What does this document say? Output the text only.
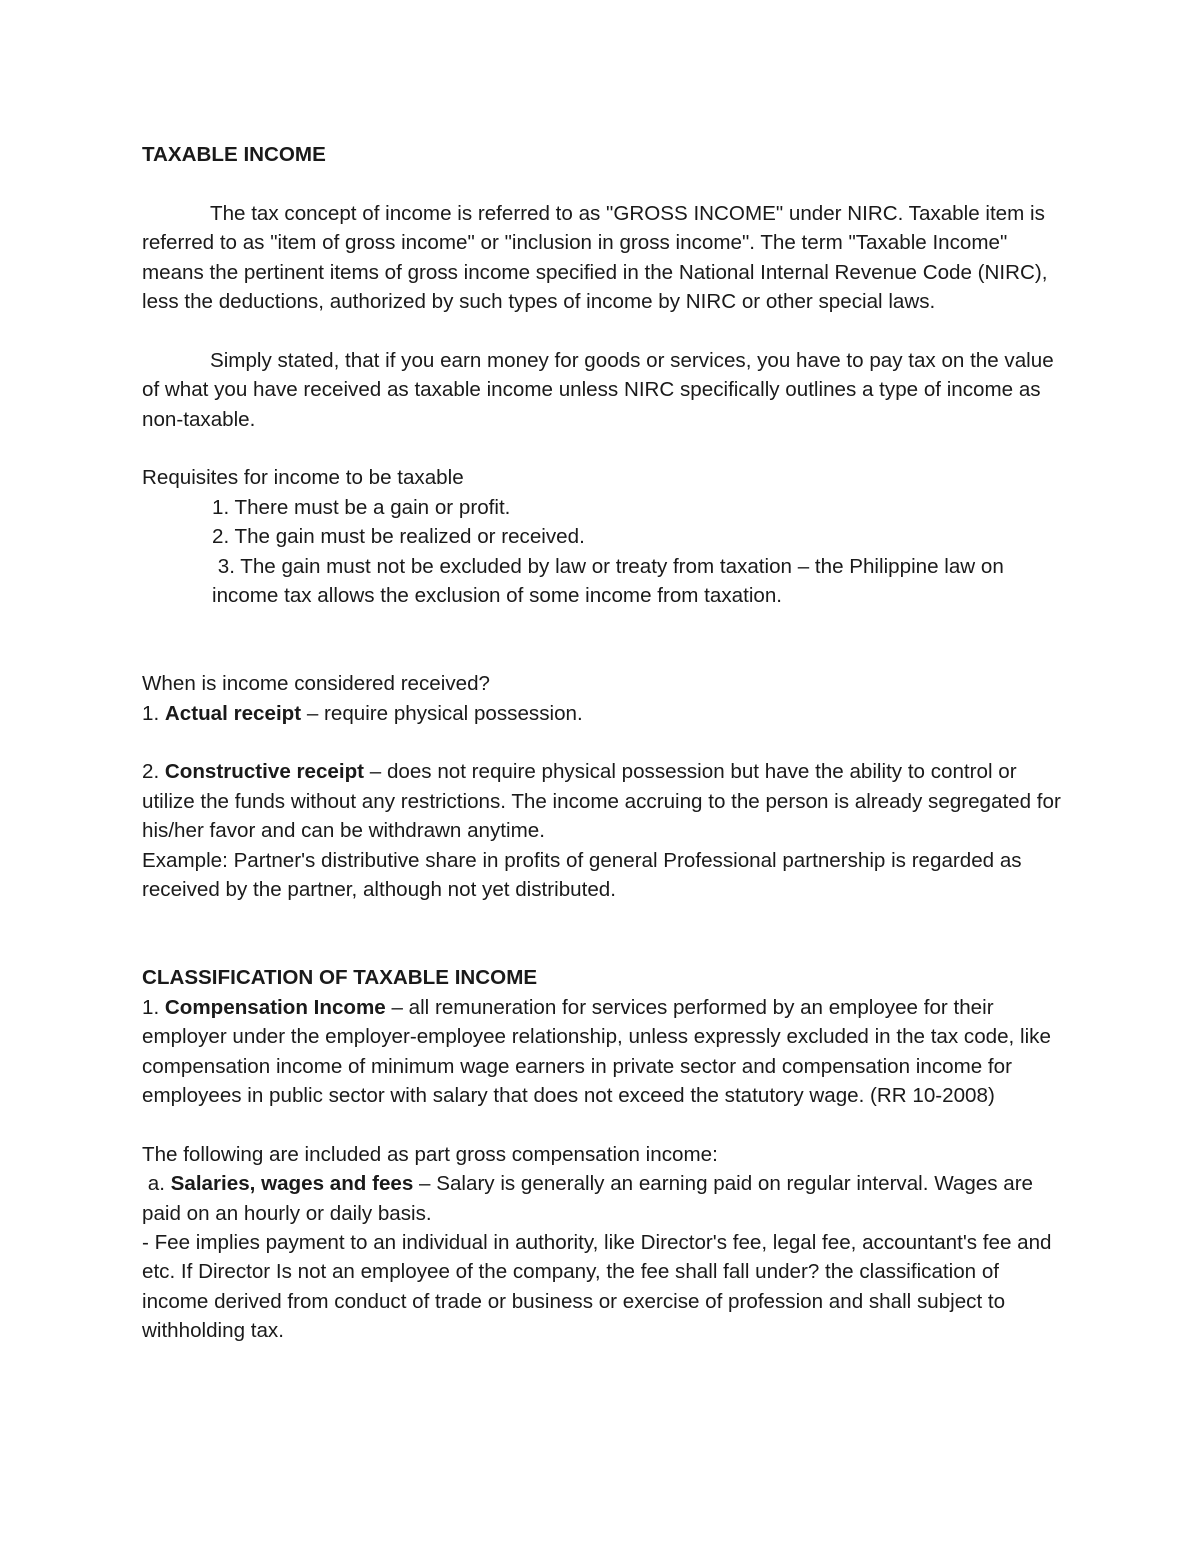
TAXABLE INCOME

The tax concept of income is referred to as "GROSS INCOME" under NIRC. Taxable item is referred to as "item of gross income" or "inclusion in gross income". The term "Taxable Income" means the pertinent items of gross income specified in the National Internal Revenue Code (NIRC), less the deductions, authorized by such types of income by NIRC or other special laws.

Simply stated, that if you earn money for goods or services, you have to pay tax on the value of what you have received as taxable income unless NIRC specifically outlines a type of income as non-taxable.

Requisites for income to be taxable

1. There must be a gain or profit.

2. The gain must be realized or received.

3. The gain must not be excluded by law or treaty from taxation – the Philippine law on income tax allows the exclusion of some income from taxation.

When is income considered received?

1. Actual receipt – require physical possession.

2. Constructive receipt – does not require physical possession but have the ability to control or utilize the funds without any restrictions. The income accruing to the person is already segregated for his/her favor and can be withdrawn anytime.

Example: Partner's distributive share in profits of general Professional partnership is regarded as received by the partner, although not yet distributed.

CLASSIFICATION OF TAXABLE INCOME

1. Compensation Income – all remuneration for services performed by an employee for their employer under the employer-employee relationship, unless expressly excluded in the tax code, like compensation income of minimum wage earners in private sector and compensation income for employees in public sector with salary that does not exceed the statutory wage. (RR 10-2008)

The following are included as part gross compensation income:

a. Salaries, wages and fees – Salary is generally an earning paid on regular interval. Wages are paid on an hourly or daily basis.

- Fee implies payment to an individual in authority, like Director's fee, legal fee, accountant's fee and etc. If Director Is not an employee of the company, the fee shall fall under? the classification of income derived from conduct of trade or business or exercise of profession and shall subject to withholding tax.
